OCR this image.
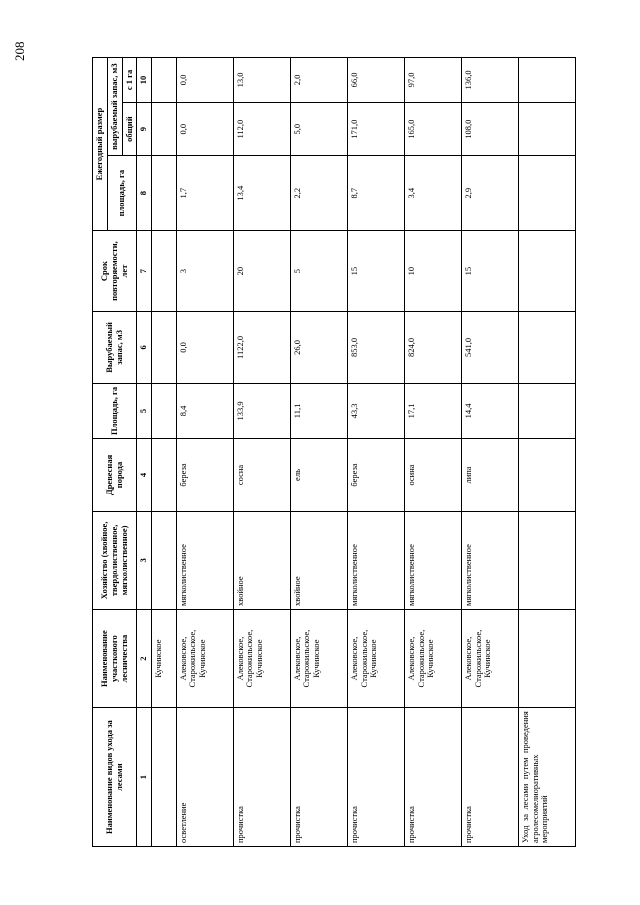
208
Наименование видов ухода за лесами	Наименование участкового лесничества	Хозяйство (хвойное, твердолиственное, мягколиственное)	Древесная порода	Площадь, га	Вырубаемый запас, м3	Срок повторяемости, лет	Ежегодный размер		
							площадь, га	вырубаемый запас, м3	
								общий	с 1 га
1	2	3	4	5	6	7	8	9	10
	Кучинское								
осветление	Алековское, Старожильское, Кучинское	мягколиственное	береза	8,4	0,0	3	1,7	0,0	0,0
прочистка	Алековское, Старожильское, Кучинское	хвойное	сосна	133,9	1122,0	20	13,4	112,0	13,0
прочистка	Алековское, Старожильское, Кучинское	хвойное	ель	11,1	26,0	5	2,2	5,0	2,0
прочистка	Алековское, Старожильское, Кучинское	мягколиственное	береза	43,3	853,0	15	8,7	171,0	66,0
прочистка	Алековское, Старожильское, Кучинское	мягколиственное	осина	17,1	824,0	10	3,4	165,0	97,0
прочистка	Алековское, Старожильское, Кучинское	мягколиственное	липа	14,4	541,0	15	2,9	108,0	136,0
Уход за лесами путем проведения агролесомелиоративных мероприятий									
